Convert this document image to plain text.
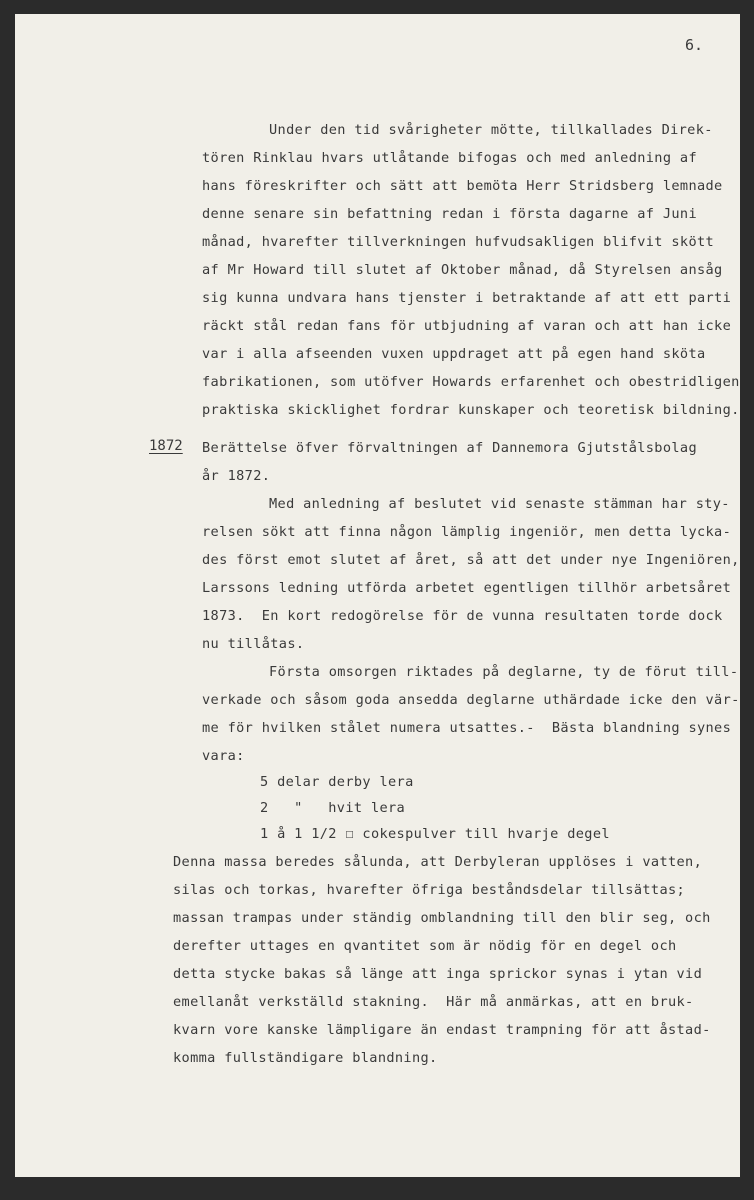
6.
Under den tid svårigheter mötte, tillkallades Direk-
tören Rinklau hvars utlåtande bifogas och med anledning af
hans föreskrifter och sätt att bemöta Herr Stridsberg lemnade
denne senare sin befattning redan i första dagarne af Juni
månad, hvarefter tillverkningen hufvudsakligen blifvit skött
af Mr Howard till slutet af Oktober månad, då Styrelsen ansåg
sig kunna undvara hans tjenster i betraktande af att ett parti
räckt stål redan fans för utbjudning af varan och att han icke
var i alla afseenden vuxen uppdraget att på egen hand sköta
fabrikationen, som utöfver Howards erfarenhet och obestridligen
praktiska skicklighet fordrar kunskaper och teoretisk bildning.
1872 Berättelse öfver förvaltningen af Dannemora Gjutstålsbolag
år 1872.
Med anledning af beslutet vid senaste stämman har sty-
relsen sökt att finna någon lämplig ingeniör, men detta lycka-
des först emot slutet af året, så att det under nye Ingeniören,
Larssons ledning utförda arbetet egentligen tillhör arbetsåret
1873.  En kort redogörelse för de vunna resultaten torde dock
nu tillåtas.
Första omsorgen riktades på deglarne, ty de förut till-
verkade och såsom goda ansedda deglarne uthärdade icke den vär-
me för hvilken stålet numera utsattes.-  Bästa blandning synes
vara:
5 delar derby lera
2   "   hvit lera
1 å 1 1/2 ☐ cokespulver till hvarje degel
Denna massa beredes sålunda, att Derbyleran upplöses i vatten,
silas och torkas, hvarefter öfriga beståndsdelar tillsättas;
massan trampas under ständig omblandning till den blir seg, och
derefter uttages en qvantitet som är nödig för en degel och
detta stycke bakas så länge att inga sprickor synas i ytan vid
emellanåt verkställd stakning.  Här må anmärkas, att en bruk-
kvarn vore kanske lämpligare än endast trampning för att åstad-
komma fullständigare blandning.
